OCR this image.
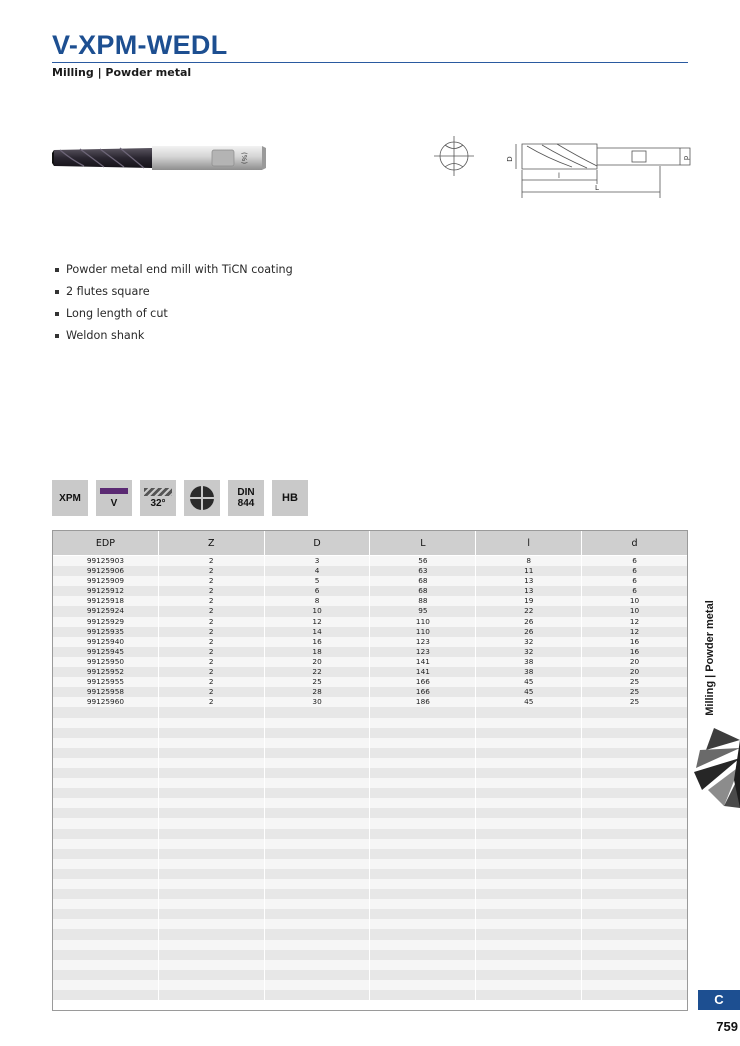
V-XPM-WEDL
Milling | Powder metal
(%)	D	d
l
L
Powder metal end mill with TiCN coating
2 flutes square
Long length of cut
Weldon shank
XPM	V	32°
DIN
844	HB
EDP	Z	D	L	l	d
99125903	2	3	56	8	6
99125906	2	4	63	11	6
99125909	2	5	68	13	6
99125912	2	6	68	13	6
99125918	2	8	88	19	10
99125924	2	10	95	22	10
99125929	2	12	110	26	12
99125935	2	14	110	26	12
99125940	2	16	123	32	16
99125945	2	18	123	32	16
99125950	2	20	141	38	20
99125952	2	22	141	38	20
99125955	2	25	166	45	25
99125958	2	28	166	45	25
99125960	2	30	186	45	25	Milling | Powder metal
C
759
